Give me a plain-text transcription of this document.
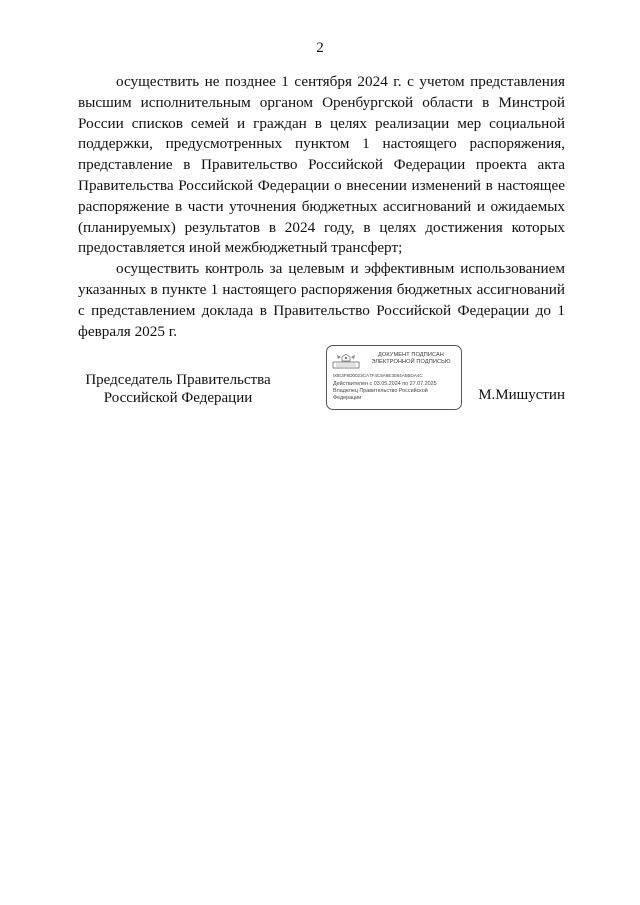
2

осуществить не позднее 1 сентября 2024 г. с учетом представления высшим исполнительным органом Оренбургской области в Минстрой России списков семей и граждан в целях реализации мер социальной поддержки, предусмотренных пунктом 1 настоящего распоряжения, представление в Правительство Российской Федерации проекта акта Правительства Российской Федерации о внесении изменений в настоящее распоряжение в части уточнения бюджетных ассигнований и ожидаемых (планируемых) результатов в 2024 году, в целях достижения которых предоставляется иной межбюджетный трансферт;

осуществить контроль за целевым и эффективным использованием указанных в пункте 1 настоящего распоряжения бюджетных ассигнований с представлением доклада в Правительство Российской Федерации до 1 февраля 2025 г.

Председатель Правительства
Российской Федерации
ДОКУМЕНТ ПОДПИСАН
ЭЛЕКТРОННОЙ ПОДПИСЬЮ
00E3F8D0023CA7F4C8A8E3084A5BDA4C
Действителен с 03.05.2024 по 27.07.2025
Владелец Правительство Российской
Федерации	М.Мишустин
